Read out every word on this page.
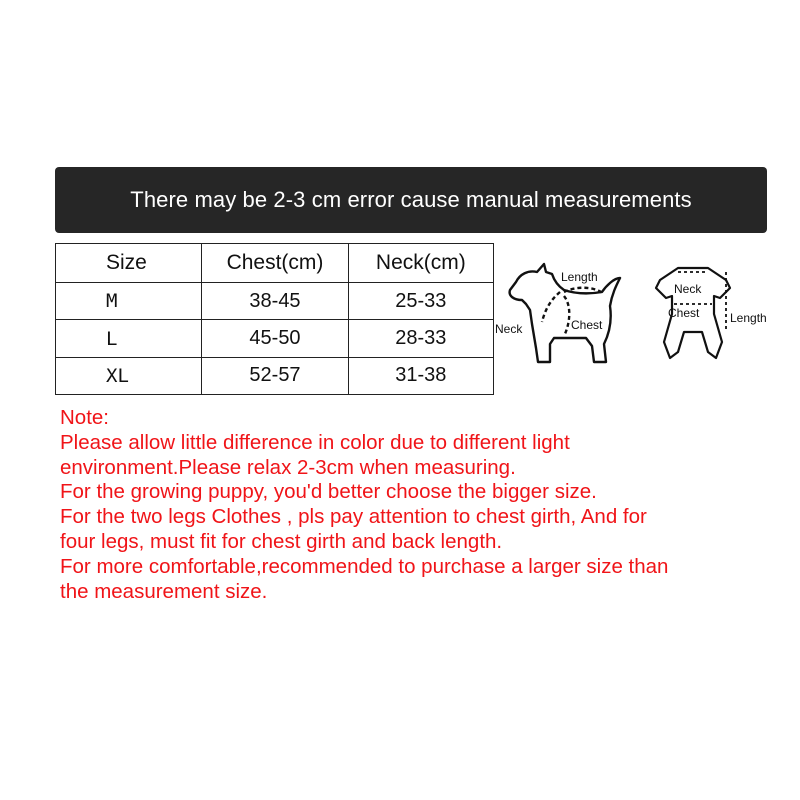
There may be 2-3 cm error cause manual measurements
Size	Chest(cm)	Neck(cm)
M	38-45	25-33
L	45-50	28-33
XL	52-57	31-38
Length
Neck	Chest
Neck
Chest	Length
Note:
Please allow little difference in color due to different light
environment.Please relax 2-3cm when measuring.
For the growing puppy, you'd better choose the bigger size.
For the two legs Clothes , pls pay attention to chest girth, And for
four legs, must fit for chest girth and back length.
For more comfortable,recommended to purchase a larger size than
the measurement size.
